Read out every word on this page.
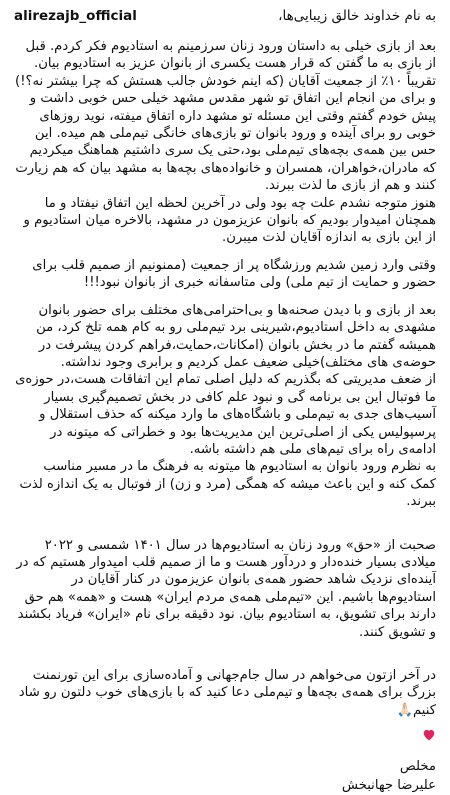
alirezajb_official	به نام خداوند خالق زیبایی‌ها،

بعد از بازی خیلی به داستان ورود زنان سرزمینم به استادیوم فکر کردم. قبل از بازی به ما گفتن که قرار هست یکسری از بانوان عزیز به استادیوم بیان. تقریباً ۱۰٪ از جمعیت آقایان (که اینم خودش جالب هستش که چرا بیشتر نه؟!) و برای من انجام این اتفاق تو شهر مقدس مشهد خیلی حس خوبی داشت و پیش خودم گفتم وقتی این مسئله تو مشهد داره اتفاق میفته، نوید روزهای خوبی رو برای آینده و ورود بانوان تو بازی‌های خانگی تیم‌ملی هم میده. این حس بین همه‌ی بچه‌های تیم‌ملی بود،حتی یک سری داشتیم هماهنگ میکردیم که مادران،خواهران، همسران و خانواده‌های بچه‌ها به مشهد بیان که هم زیارت کنند و هم از بازی ما لذت ببرند.

هنوز متوجه نشدم علت چه بود ولی در آخرین لحظه این اتفاق نیفتاد و ما همچنان امیدوار بودیم که بانوان عزیزمون در مشهد، بالاخره میان استادیوم و از این بازی به اندازه آقایان لذت میبرن.

وقتی وارد زمین شدیم ورزشگاه پر از جمعیت (ممنونیم از صمیم قلب برای حضور و حمایت از تیم ملی) ولی متاسفانه خبری از بانوان نبود!!!

بعد از بازی و با دیدن صحنه‌ها و بی‌احترامی‌های مختلف برای حضور بانوان مشهدی به داخل استادیوم،شیرینی برد تیم‌ملی رو به کام همه تلخ کرد، من همیشه گفتم ما در بخش بانوان (امکانات،حمایت،فراهم کردن پیشرفت در حوضه‌ی های مختلف)خیلی ضعیف عمل کردیم و برابری وجود نداشته.

از ضعف مدیریتی که بگذریم که دلیل اصلی تمام این اتفاقات هست،در حوزه‌ی ما فوتبال این بی برنامه گی و نبود علم کافی در بخش تصمیم‌گیری بسیار آسیب‌های جدی به تیم‌ملی و باشگاه‌های ما وارد میکنه که حذف استقلال و پرسپولیس یکی از اصلی‌ترین این مدیریت‌ها بود و خطراتی که میتونه در ادامه‌ی راه برای تیم‌های ملی هم داشته باشه.

به نظرم ورود بانوان به استادیوم ها میتونه به فرهنگ ما در مسیر مناسب کمک کنه و این باعث میشه که همگی (مرد و زن) از فوتبال به یک اندازه لذت ببرند.

صحبت از «حق» ورود زنان به استادیوم‌ها در سال ۱۴۰۱ شمسی و ۲۰۲۲ میلادی بسیار خنده‌دار و دردآور هست و ما از صمیم قلب امیدوار هستیم که در آینده‌ای نزدیک شاهد حضور همه‌ی بانوان عزیزمون در کنار آقایان در استادیوم‌ها باشیم. این «تیم‌ملی همه‌ی مردم ایران» هست و «همه» هم حق دارند برای تشویق، به استادیوم بیان. نود دقیقه برای نام «ایران» فریاد بکشند و تشویق کنند.

در آخر ازتون می‌خواهم در سال جام‌جهانی و آماده‌سازی برای این تورنمنت بزرگ برای همه‌ی بچه‌ها و تیم‌ملی دعا کنید که با بازی‌های خوب دلتون رو شاد کنیم🙏🏻

مخلص
علیرضا جهانبخش
